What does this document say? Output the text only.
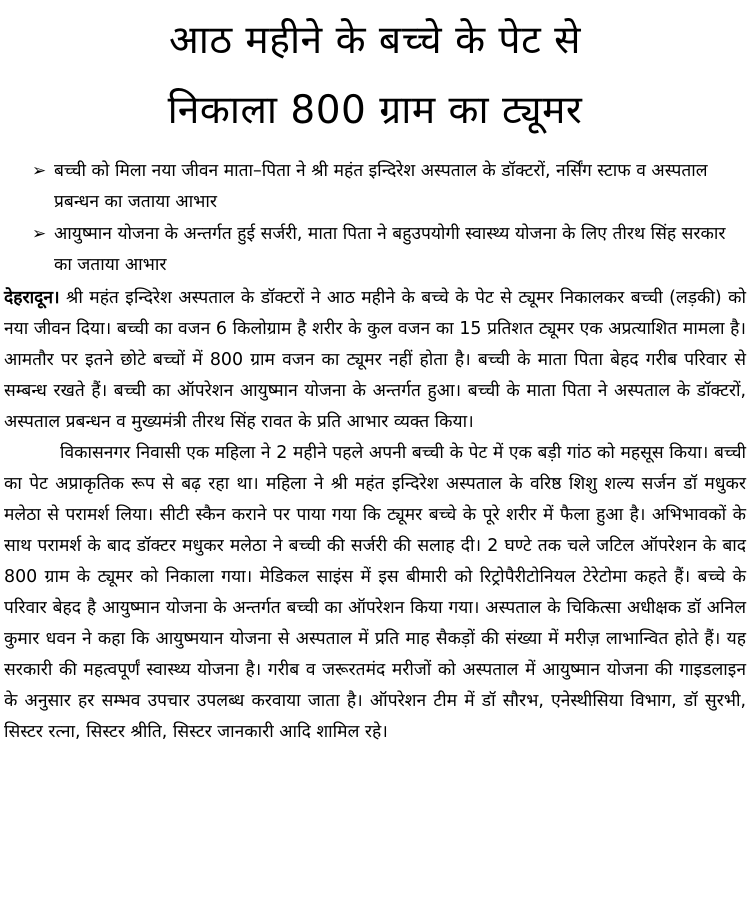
आठ महीने के बच्चे के पेट से
निकाला 800 ग्राम का ट्यूमर
➢ बच्ची को मिला नया जीवन माता–पिता ने श्री महंत इन्दिरेश अस्पताल के डॉक्टरों, नर्सिंग स्टाफ व अस्पताल प्रबन्धन का जताया आभार
➢ आयुष्मान योजना के अन्तर्गत हुई सर्जरी, माता पिता ने बहुउपयोगी स्वास्थ्य योजना के लिए तीरथ सिंह सरकार का जताया आभार

देहरादून। श्री महंत इन्दिरेश अस्पताल के डॉक्टरों ने आठ महीने के बच्चे के पेट से ट्यूमर निकालकर बच्ची (लड़की) को नया जीवन दिया। बच्ची का वजन 6 किलोग्राम है शरीर के कुल वजन का 15 प्रतिशत ट्यूमर एक अप्रत्याशित मामला है। आमतौर पर इतने छोटे बच्चों में 800 ग्राम वजन का ट्यूमर नहीं होता है। बच्ची के माता पिता बेहद गरीब परिवार से सम्बन्ध रखते हैं। बच्ची का ऑपरेशन आयुष्मान योजना के अन्तर्गत हुआ। बच्ची के माता पिता ने अस्पताल के डॉक्टरों, अस्पताल प्रबन्धन व मुख्यमंत्री तीरथ सिंह रावत के प्रति आभार व्यक्त किया।

विकासनगर निवासी एक महिला ने 2 महीने पहले अपनी बच्ची के पेट में एक बड़ी गांठ को महसूस किया। बच्ची का पेट अप्राकृतिक रूप से बढ़ रहा था। महिला ने श्री महंत इन्दिरेश अस्पताल के वरिष्ठ शिशु शल्य सर्जन डॉ मधुकर मलेठा से परामर्श लिया। सीटी स्कैन कराने पर पाया गया कि ट्यूमर बच्चे के पूरे शरीर में फैला हुआ है। अभिभावकों के साथ परामर्श के बाद डॉक्टर मधुकर मलेठा ने बच्ची की सर्जरी की सलाह दी। 2 घण्टे तक चले जटिल ऑपरेशन के बाद 800 ग्राम के ट्यूमर को निकाला गया। मेडिकल साइंस में इस बीमारी को रिट्रोपैरीटोनियल टेरेटोमा कहते हैं। बच्चे के परिवार बेहद है आयुष्मान योजना के अन्तर्गत बच्ची का ऑपरेशन किया गया। अस्पताल के चिकित्सा अधीक्षक डॉ अनिल कुमार धवन ने कहा कि आयुष्मयान योजना से अस्पताल में प्रति माह सैकड़ों की संख्या में मरीज़ लाभान्वित होते हैं। यह सरकारी की महत्वपूर्णं स्वास्थ्य योजना है। गरीब व जरूरतमंद मरीजों को अस्पताल में आयुष्मान योजना की गाइडलाइन के अनुसार हर सम्भव उपचार उपलब्ध करवाया जाता है। ऑपरेशन टीम में डॉ सौरभ, एनेस्थीसिया विभाग, डॉ सुरभी, सिस्टर रत्ना, सिस्टर श्रीति, सिस्टर जानकारी आदि शामिल रहे।
